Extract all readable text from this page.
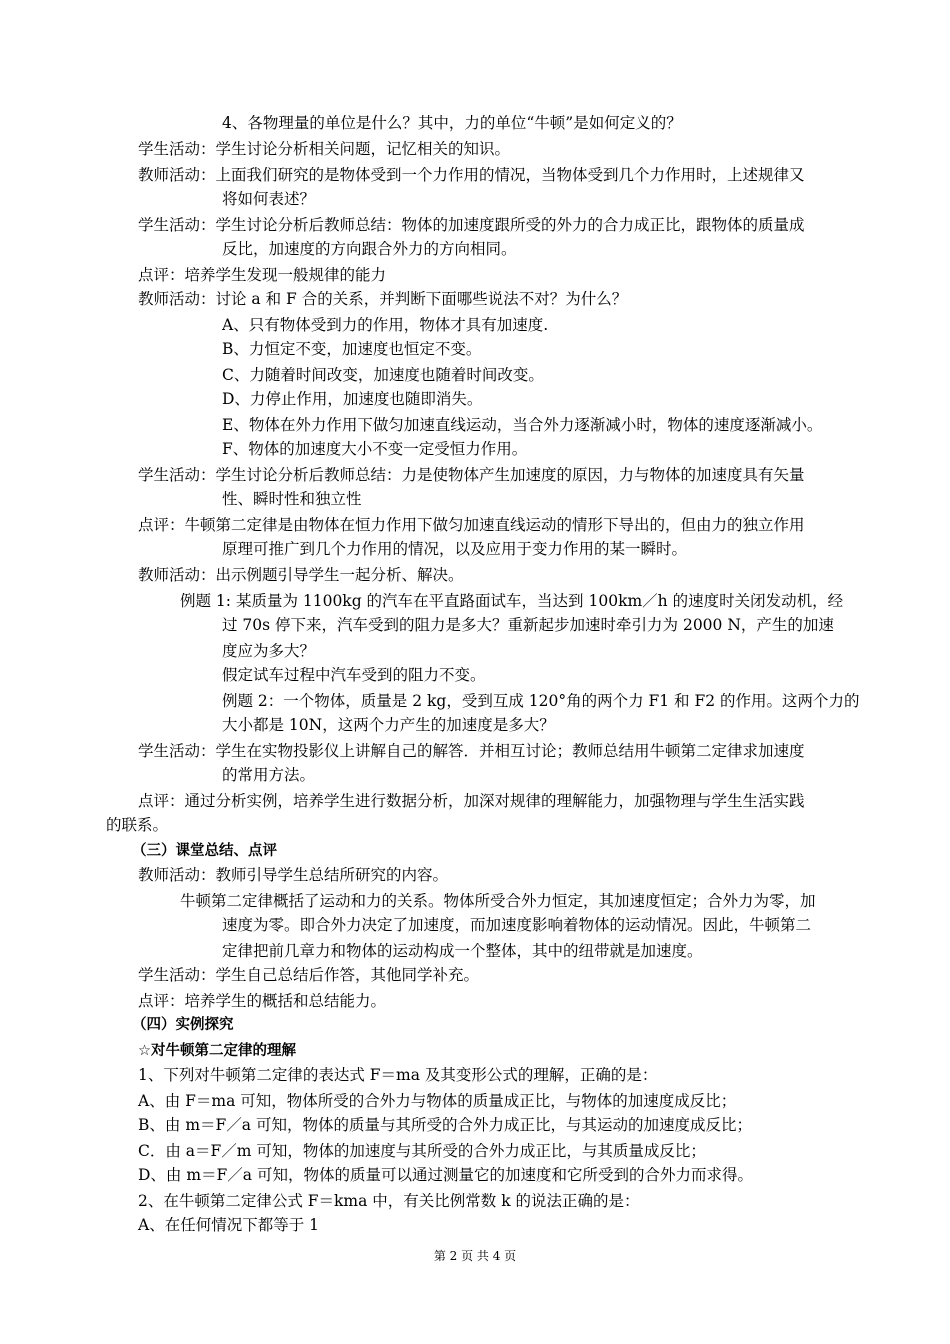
4、各物理量的单位是什么？其中，力的单位“牛顿”是如何定义的？
学生活动：学生讨论分析相关问题，记忆相关的知识。
教师活动：上面我们研究的是物体受到一个力作用的情况，当物体受到几个力作用时，上述规律又
将如何表述？
学生活动：学生讨论分析后教师总结：物体的加速度跟所受的外力的合力成正比，跟物体的质量成
反比，加速度的方向跟合外力的方向相同。
点评：培养学生发现一般规律的能力
教师活动：讨论 a 和 F 合的关系，并判断下面哪些说法不对？为什么？
A、只有物体受到力的作用，物体才具有加速度.
B、力恒定不变，加速度也恒定不变。
C、力随着时间改变，加速度也随着时间改变。
D、力停止作用，加速度也随即消失。
E、物体在外力作用下做匀加速直线运动，当合外力逐渐减小时，物体的速度逐渐减小。
F、物体的加速度大小不变一定受恒力作用。
学生活动：学生讨论分析后教师总结：力是使物体产生加速度的原因，力与物体的加速度具有矢量
性、瞬时性和独立性
点评：牛顿第二定律是由物体在恒力作用下做匀加速直线运动的情形下导出的，但由力的独立作用
原理可推广到几个力作用的情况，以及应用于变力作用的某一瞬时。
教师活动：出示例题引导学生一起分析、解决。
例题 1: 某质量为 1100kg 的汽车在平直路面试车，当达到 100km／h 的速度时关闭发动机，经
过 70s 停下来，汽车受到的阻力是多大？重新起步加速时牵引力为 2000 N，产生的加速
度应为多大？
假定试车过程中汽车受到的阻力不变。
例题 2：一个物体，质量是 2 kg，受到互成 120°角的两个力 F1 和 F2 的作用。这两个力的
大小都是 10N，这两个力产生的加速度是多大？
学生活动：学生在实物投影仪上讲解自己的解答．并相互讨论；教师总结用牛顿第二定律求加速度
的常用方法。
点评：通过分析实例，培养学生进行数据分析，加深对规律的理解能力，加强物理与学生生活实践
的联系。
（三）课堂总结、点评
教师活动：教师引导学生总结所研究的内容。
牛顿第二定律概括了运动和力的关系。物体所受合外力恒定，其加速度恒定；合外力为零，加
速度为零。即合外力决定了加速度，而加速度影响着物体的运动情况。因此，牛顿第二
定律把前几章力和物体的运动构成一个整体，其中的纽带就是加速度。
学生活动：学生自己总结后作答，其他同学补充。
点评：培养学生的概括和总结能力。
（四）实例探究
☆对牛顿第二定律的理解
1、下列对牛顿第二定律的表达式 F＝ma 及其变形公式的理解，正确的是：
A、由 F＝ma 可知，物体所受的合外力与物体的质量成正比，与物体的加速度成反比；
B、由 m＝F／a 可知，物体的质量与其所受的合外力成正比，与其运动的加速度成反比；
C．由 a＝F／m 可知，物体的加速度与其所受的合外力成正比，与其质量成反比；
D、由 m＝F／a 可知，物体的质量可以通过测量它的加速度和它所受到的合外力而求得。
2、在牛顿第二定律公式 F＝kma 中，有关比例常数 k 的说法正确的是：
A、在任何情况下都等于 1
第 2 页 共 4 页
